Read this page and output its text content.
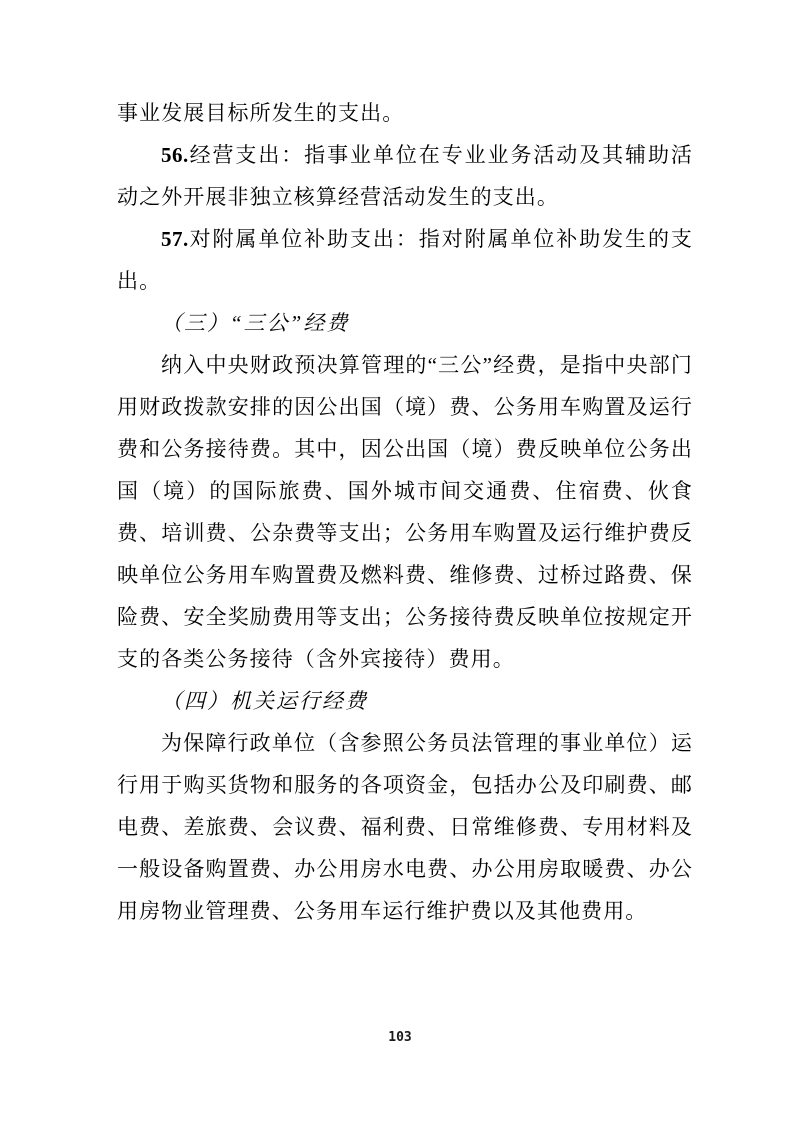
事业发展目标所发生的支出。

56.经营支出：指事业单位在专业业务活动及其辅助活动之外开展非独立核算经营活动发生的支出。

57.对附属单位补助支出：指对附属单位补助发生的支出。

（三）“三公”经费

纳入中央财政预决算管理的“三公”经费，是指中央部门用财政拨款安排的因公出国（境）费、公务用车购置及运行费和公务接待费。其中，因公出国（境）费反映单位公务出国（境）的国际旅费、国外城市间交通费、住宿费、伙食费、培训费、公杂费等支出；公务用车购置及运行维护费反映单位公务用车购置费及燃料费、维修费、过桥过路费、保险费、安全奖励费用等支出；公务接待费反映单位按规定开支的各类公务接待（含外宾接待）费用。

（四）机关运行经费

为保障行政单位（含参照公务员法管理的事业单位）运行用于购买货物和服务的各项资金，包括办公及印刷费、邮电费、差旅费、会议费、福利费、日常维修费、专用材料及一般设备购置费、办公用房水电费、办公用房取暖费、办公用房物业管理费、公务用车运行维护费以及其他费用。

103
